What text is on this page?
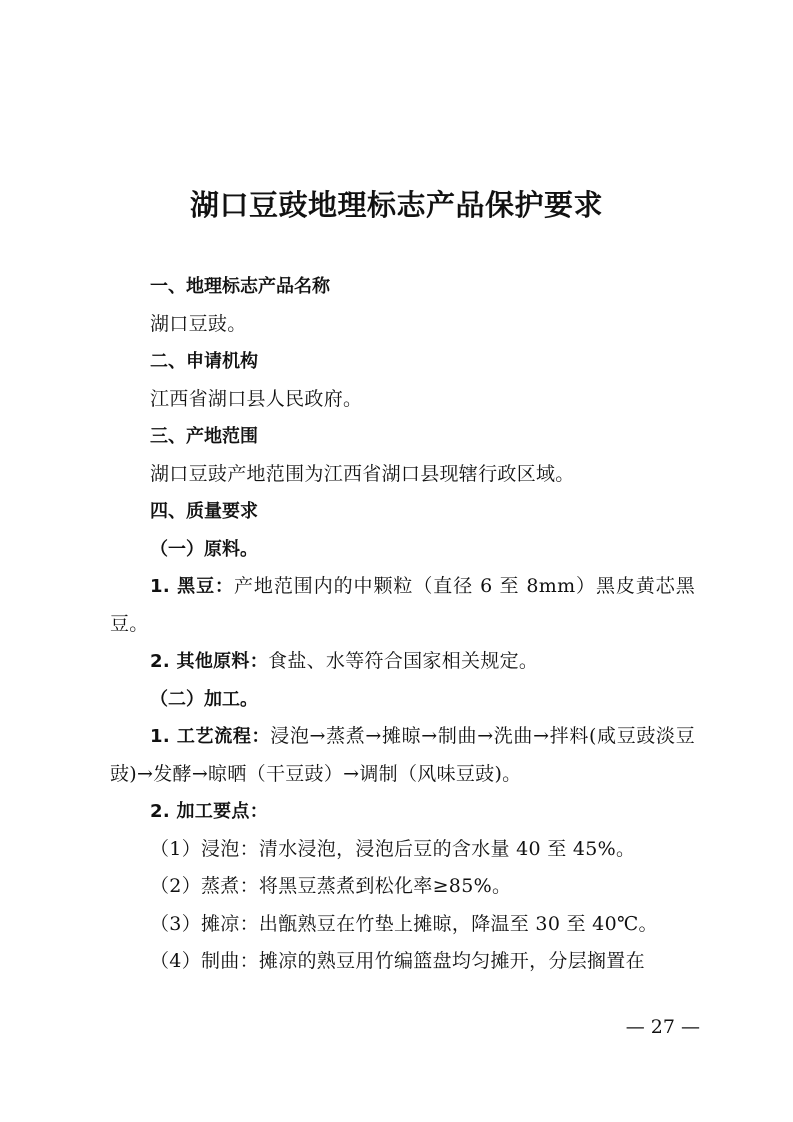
湖口豆豉地理标志产品保护要求

一、地理标志产品名称

湖口豆豉。

二、申请机构

江西省湖口县人民政府。

三、产地范围

湖口豆豉产地范围为江西省湖口县现辖行政区域。

四、质量要求

（一）原料。

1. 黑豆：产地范围内的中颗粒（直径 6 至 8mm）黑皮黄芯黑豆。

2. 其他原料：食盐、水等符合国家相关规定。

（二）加工。

1. 工艺流程：浸泡→蒸煮→摊晾→制曲→洗曲→拌料(咸豆豉淡豆豉)→发酵→晾晒（干豆豉）→调制（风味豆豉)。

2. 加工要点：

（1）浸泡：清水浸泡，浸泡后豆的含水量 40 至 45%。

（2）蒸煮：将黑豆蒸煮到松化率≥85%。

（3）摊凉：出甑熟豆在竹垫上摊晾，降温至 30 至 40℃。

（4）制曲：摊凉的熟豆用竹编篮盘均匀摊开，分层搁置在

— 27 —
